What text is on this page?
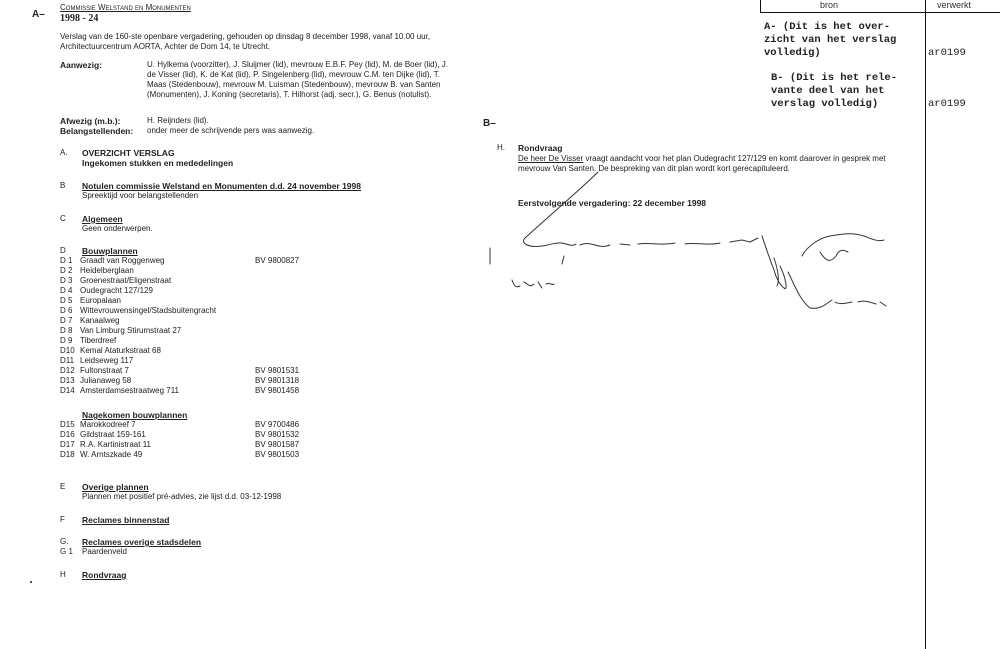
A–
Commissie Welstand en Monumenten
1998 - 24
Verslag van de 160-ste openbare vergadering, gehouden op dinsdag 8 december 1998, vanaf 10.00 uur, Architectuurcentrum AORTA, Achter de Dom 14, te Utrecht.
Aanwezig:	U. Hylkema (voorzitter), J. Sluijmer (lid), mevrouw E.B.F. Pey (lid), M. de Boer (lid), J. de Visser (lid), K. de Kat (lid), P. Singelenberg (lid), mevrouw C.M. ten Dijke (lid), T. Maas (Stedenbouw), mevrouw M. Luisman (Stedenbouw), mevrouw B. van Santen (Monumenten), J. Koning (secretaris), T. Hilhorst (adj. secr.), G. Benus (notulist).
Afwezig (m.b.):	H. Reijnders (lid).
Belangstellenden: onder meer de schrijvende pers was aanwezig.
A. OVERZICHT VERSLAG
Ingekomen stukken en mededelingen
B Notulen commissie Welstand en Monumenten d.d. 24 november 1998
Spreektijd voor belangstellenden
C Algemeen
Geen onderwerpen.
D Bouwplannen
D 1 Graadt van Roggenweg	BV 9800827
D 2 Heidelberglaan
D 3 Groenestraat/Eligenstraat
D 4 Oudegracht 127/129
D 5 Europalaan
D 6 Wittevrouwensingel/Stadsbuitengracht
D 7 Kanaalweg
D 8 Van Limburg Stirumstraat 27
D 9 Tiberdreef
D10 Kemal Ataturkstraat 68
D11 Leidseweg 117
D12 Fultonstraat 7	BV 9801531
D13 Julianaweg 58	BV 9801318
D14 Amsterdamsestraatweg 711	BV 9801458
Nagekomen bouwplannen
D15 Marokkodreef 7	BV 9700486
D16 Gildstraat 159-161	BV 9801532
D17 R.A. Kartinistraat 11	BV 9801587
D18 W. Arntszkade 49	BV 9801503
E Overige plannen
Plannen met positief pré-advies, zie lijst d.d. 03-12-1998
F Reclames binnenstad
G. Reclames overige stadsdelen
G 1 Paardenveld
H Rondvraag
B–
H. Rondvraag
De heer De Visser vraagt aandacht voor het plan Oudegracht 127/129 en komt daarover in gesprek met mevrouw Van Santen. De bespreking van dit plan wordt kort gerecapituleerd.
Eerstvolgende vergadering: 22 december 1998
bron	verwerkt
A- (Dit is het over-
zicht van het verslag
volledig)	ar0199
B- (Dit is het rele-
vante deel van het
verslag volledig)	ar0199
